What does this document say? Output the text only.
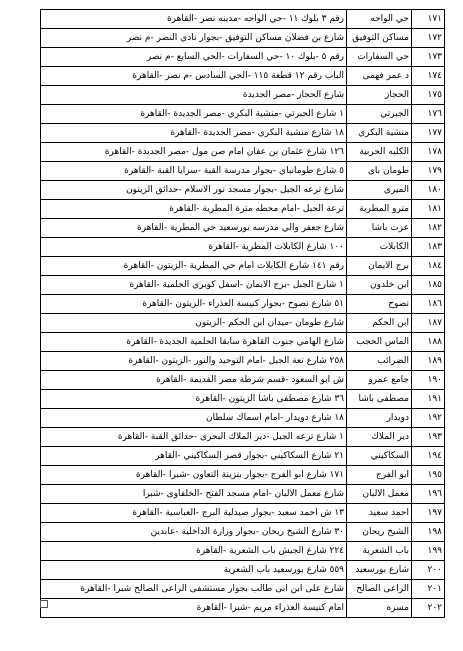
رقم ٣ بلوك ١١ -حي الواحه -مدينه نصر -القاهرة	حي الواحه	١٧١
شارع بن فضلان مساكن التوفيق -بجوار نادي النصر -م نصر	مساكن التوفيق	١٧٢
رقم ٥ -بلوك ١٠ -حي السفارات -الحي السابع -م نصر	حي السفارات	١٧٣
الباب رقم ١٢ قطعة ١١٥ -الحي السادس -م نصر -القاهرة	د عمر فهمى	١٧٤
شارع الحجاز -مصر الجديدة	الحجاز	١٧٥
١ شارع الجبرتي -منشية البكري -مصر الجديدة -القاهرة	الجبرتي	١٧٦
١٨ شارع منشية البكري -مصر الجديدة -القاهرة	منشية البكري	١٧٧
١٢٦ شارع عثمان بن عفان امام صن مول -مصر الجديدة -القاهرة	الكليه الحربية	١٧٨
٥ شارع طومانباي -بجوار مدرسة القبة -سرايا القبة -القاهرة	طومان باى	١٧٩
شارع ترعه الجبل -بجوار مسجد نور الاسلام -حدائق الزيتون	الميرى	١٨٠
ترعة الجبل -امام محطه مترة المطرية -القاهرة	مترو المطرية	١٨١
شارع جعفر والي مدرسه بورسعيد حي المطرية -القاهرة	عزت باشا	١٨٢
١٠٠ شارع الكابلات المطرية -القاهرة	الكابلات	١٨٣
رقم ١٤١ شارع الكابلات امام حي المطرية -الزيتون -القاهرة	برج الايمان	١٨٤
١ شارع الجبل -برج الايمان -اسفل كوبري الحلمية -القاهرة	ابن خلدون	١٨٥
٥١ شارع نصوح -بجوار كنيسة العذراء -الزيتون -القاهرة	نصوح	١٨٦
شارع طومان -ميدان ابن الحكم -الزيتون	ابن الحكم	١٨٧
شارع الهامي جنوب القاهرة سابقا الحلمية الجديدة -القاهرة	الماس الحجب	١٨٨
٢٥٨ شارع تعة الجبل -امام التوحيد والنور -الزيتون -القاهرة	الضرائب	١٨٩
ش ابو السعود -قسم شرطة مصر القديمة -القاهرة	جامع عمرو	١٩٠
٣٦ شارع مصطفى باشا الزيتون -القاهرة	مصطفى باشا	١٩١
١٨ شارع دويدار -امام اسماك سلطان	دويدار	١٩٢
١ شارع ترعه الجبل -دير الملاك البحرى -حدائق القبة -القاهرة	دير الملاك	١٩٣
٢١ شارع السكاكيني -بجوار قصر السكاكيني -القاهر	السكاكيني	١٩٤
١٧١ شارع ابو الفرج -بجوار بنزينة التعاون -شبرا -القاهرة	ابو الفرج	١٩٥
شارع معمل الالبان -امام مسجد الفتح -الخلفاوى -شبرا	معمل الالبان	١٩٦
١٣ ش احمد سعيد -بجوار صيدلية البرج -العباسية -القاهرة	احمد سعيد	١٩٧
٣٠ شارع الشيخ ريحان -بجوار وزارة الداخلية -عابدين	الشيخ ريحان	١٩٨
٢٢٤ شارع الجيش باب الشعرية -القاهرة	باب الشعرية	١٩٩
٥٥٩ شارع بورسعيد باب الشعرية	شارع بورسعيد	٢٠٠
شارع على ابن ابى طالب بجوار مستشفى الراعى الصالح شبرا -القاهرة	الراعى الصالح	٢٠١
امام كنيسة العذراء مريم -شبرا -القاهرة	مسره	٢٠٢
